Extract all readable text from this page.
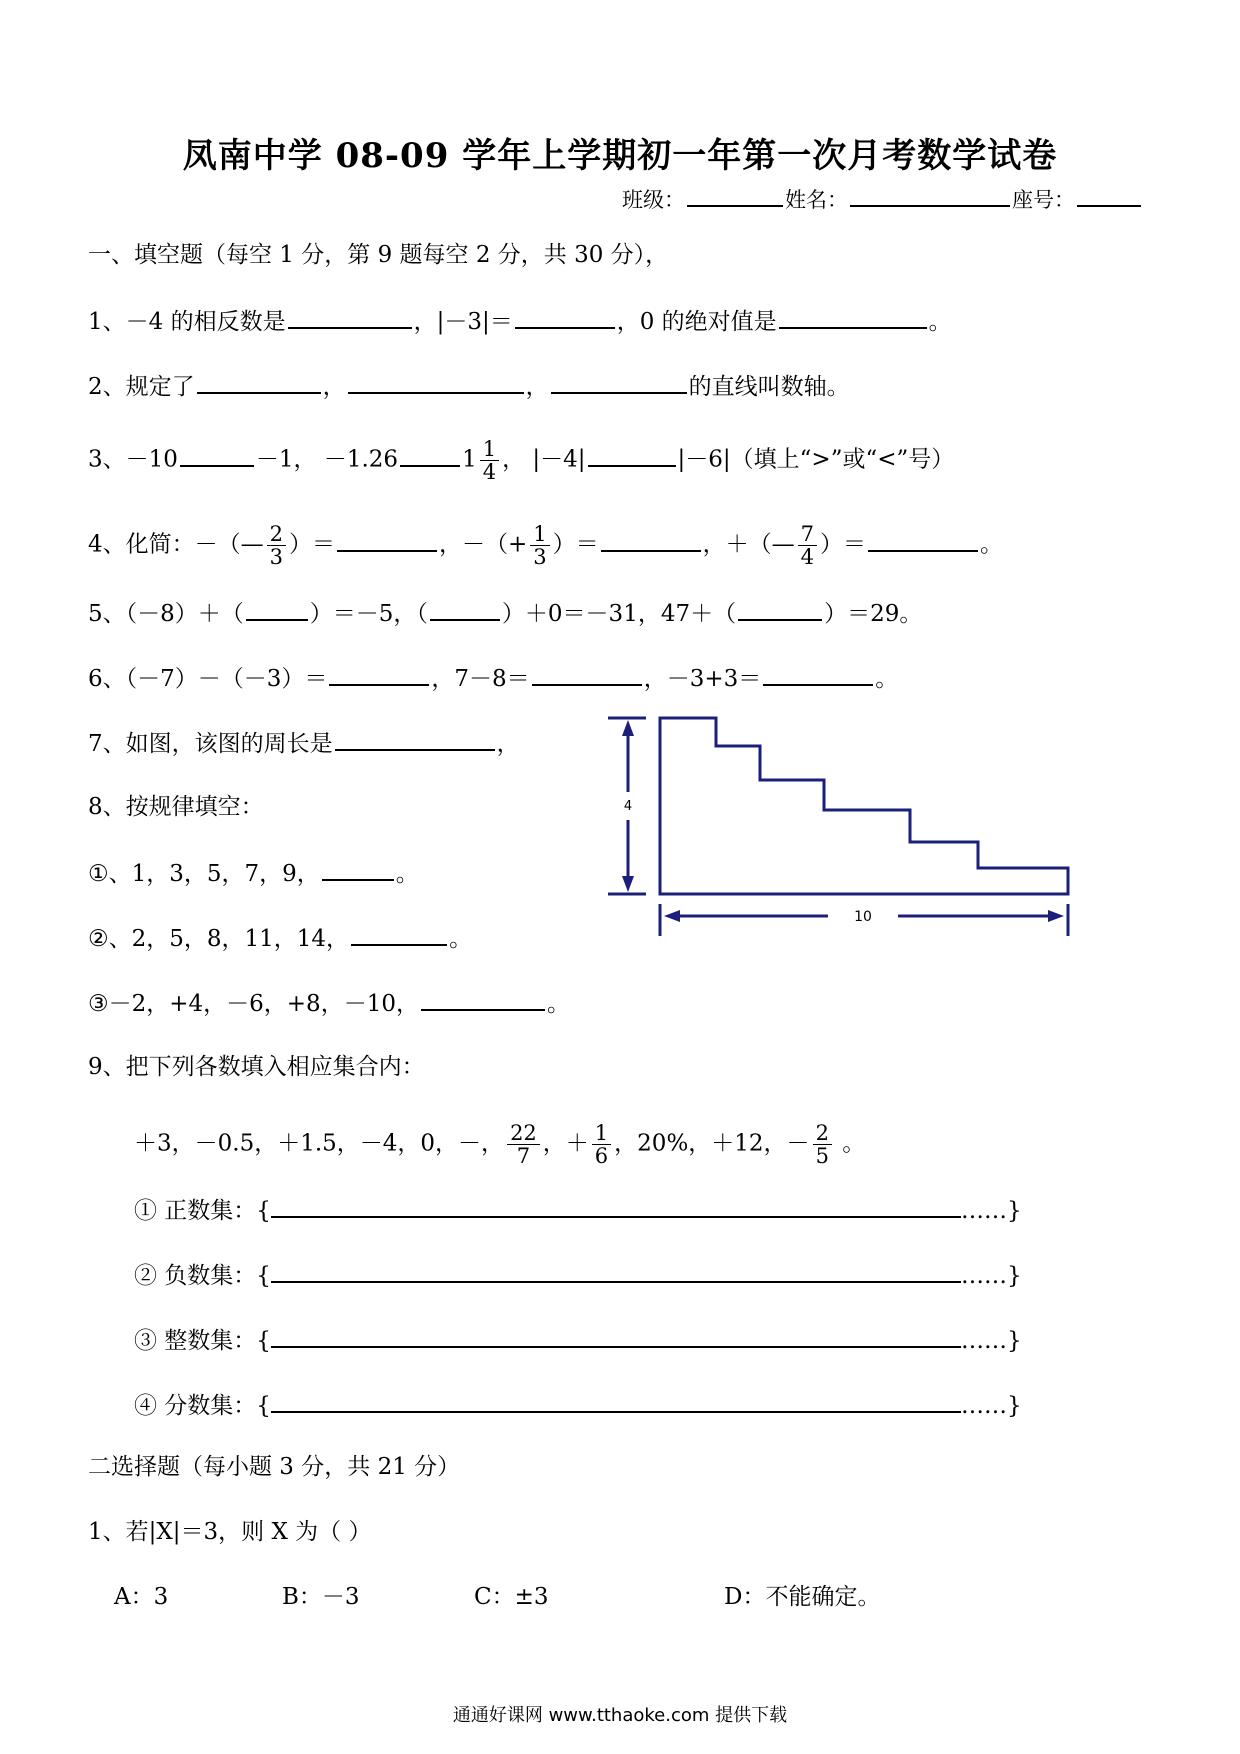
凤南中学 08-09 学年上学期初一年第一次月考数学试卷
班级：	姓名：	座号：
一、填空题（每空 1 分，第 9 题每空 2 分，共 30 分），
1、－4 的相反数是	，|－3|＝	，0 的绝对值是	。
2、规定了	，	，	的直线叫数轴。
3、－10	－1， －1.26	$1 \frac{1}{4}$ ， |－4|	|－6|（填上“>”或“<”号）
4、化简：－（— $\frac{2}{3}$ ）＝	，－（+ $\frac{1}{3}$ ）＝	，＋（— $\frac{7}{4}$ ）＝	。
5、（－8）＋（	）＝－5，（	）＋0＝－31，47＋（	）＝29。
6、（－7）－（－3）＝	，7－8＝	，－3+3＝	。
7、如图，该图的周长是	，
8、按规律填空：
①、1，3，5，7，9，	。
②、2，5，8，11，14，	。
③－2，+4，－6，+8，－10，	。
9、把下列各数填入相应集合内：
＋3，－0.5，＋1.5，－4，0，－， $\frac{22}{7}$ ，＋ $\frac{1}{6}$ ，20%，＋12，－ $\frac{2}{5}$ 。
① 正数集：{	……}
② 负数集：{	……}
③ 整数集：{	……}
④ 分数集：{	……}
二选择题（每小题 3 分，共 21 分）
1、若|X|＝3，则 X 为（ ）
A：3	B：－3	C：±3	D：不能确定。
4
10
通通好课网 www.tthaoke.com 提供下载
